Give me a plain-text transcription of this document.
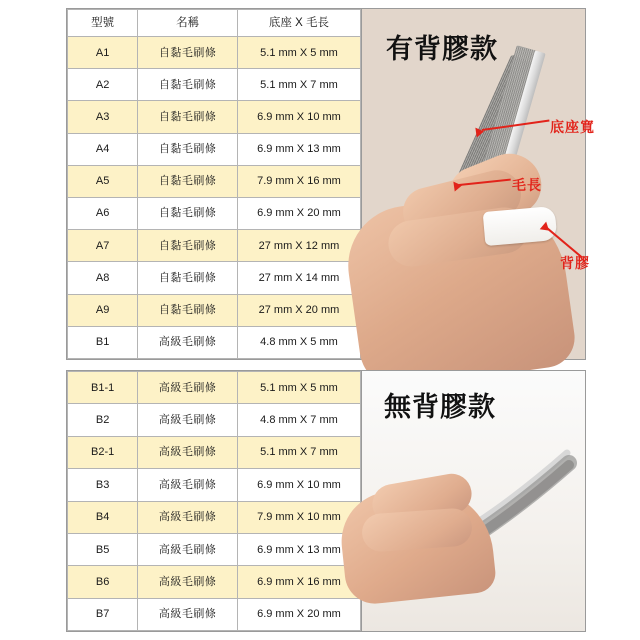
型號	名稱	底座 X 毛長
A1	自黏毛刷條	5.1 mm X 5 mm
A2	自黏毛刷條	5.1 mm X 7 mm
A3	自黏毛刷條	6.9 mm X 10 mm
A4	自黏毛刷條	6.9 mm X 13 mm
A5	自黏毛刷條	7.9 mm X 16 mm
A6	自黏毛刷條	6.9 mm X 20 mm
A7	自黏毛刷條	27 mm X 12 mm
A8	自黏毛刷條	27 mm X 14 mm
A9	自黏毛刷條	27 mm X 20 mm
B1	高級毛刷條	4.8 mm X 5 mm
底座寬
毛長
背膠
有背膠款
B1-1	高級毛刷條	5.1 mm X 5 mm
B2	高級毛刷條	4.8 mm X 7 mm
B2-1	高級毛刷條	5.1 mm X 7 mm
B3	高級毛刷條	6.9 mm X 10 mm
B4	高級毛刷條	7.9 mm X 10 mm
B5	高級毛刷條	6.9 mm X 13 mm
B6	高級毛刷條	6.9 mm X 16 mm
B7	高級毛刷條	6.9 mm X 20 mm
無背膠款
